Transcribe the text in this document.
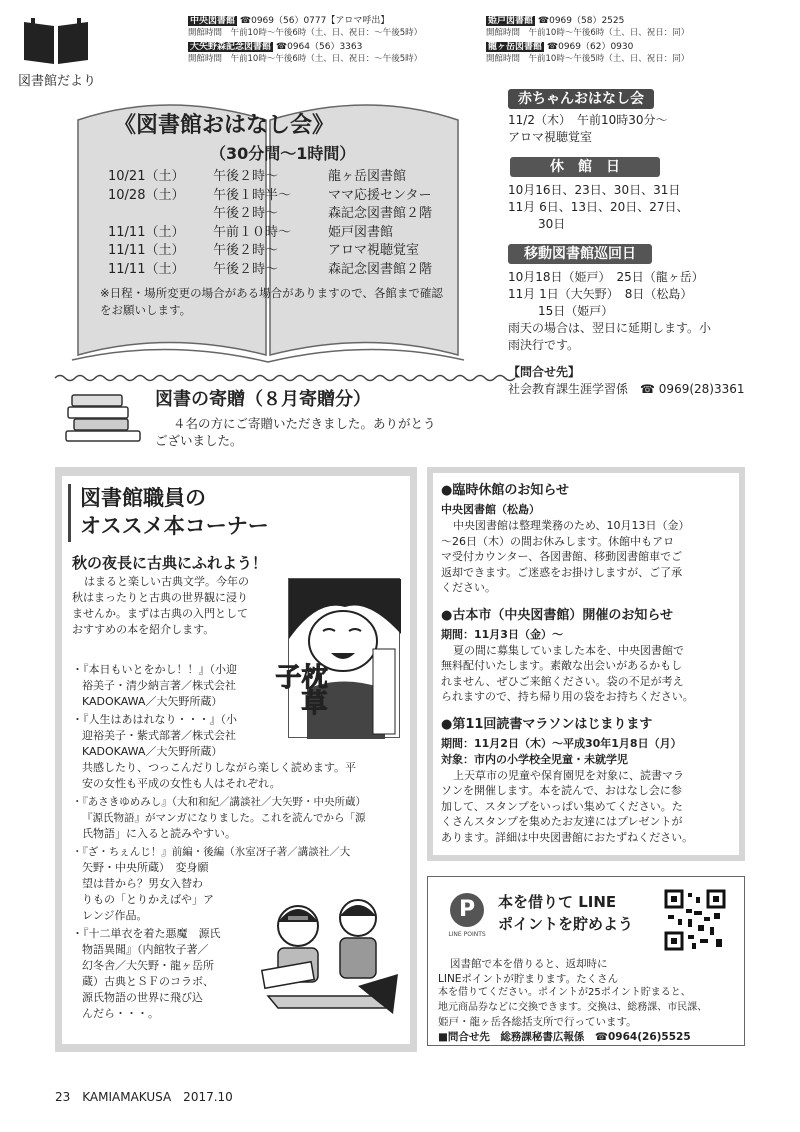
図書館だより
中央図書館 ☎0969（56）0777【アロマ呼出】
開館時間　午前10時～午後6時（土、日、祝日：～午後5時）
大矢野森記念図書館 ☎0964（56）3363
開館時間　午前10時～午後6時（土、日、祝日：～午後5時）
姫戸図書館 ☎0969（58）2525
開館時間　午前10時～午後6時（土、日、祝日：同）
龍ヶ岳図書館 ☎0969（62）0930
開館時間　午前10時～午後5時（土、日、祝日：同）
《図書館おはなし会》
（30分間～1時間）
10/21（土）	午後２時～	龍ヶ岳図書館
10/28（土）	午後１時半～	ママ応援センター
午後２時～	森記念図書館２階
11/11（土）	午前１０時～	姫戸図書館
11/11（土）	午後２時～	アロマ視聴覚室
11/11（土）	午後２時～	森記念図書館２階
※日程・場所変更の場合がある場合がありますので、各館まで確認をお願いします。
赤ちゃんおはなし会
11/2（木）　午前10時30分～
アロマ視聴覚室
休　館　日
10月16日、23日、30日、31日
11月 6日、13日、20日、27日、
30日
移動図書館巡回日
10月18日（姫戸）　25日（龍ヶ岳）
11月 1日（大矢野）　8日（松島）
15日（姫戸）
雨天の場合は、翌日に延期します。小
雨決行です。
【問合せ先】
社会教育課生涯学習係　 ☎ 0969(28)3361
図書の寄贈（８月寄贈分）
４名の方にご寄贈いただきました。ありがとう
ございました。
図書館職員の
オススメ本コーナー
秋の夜長に古典にふれよう！
はまると楽しい古典文学。今年の
秋はまったりと古典の世界観に浸り
ませんか。まずは古典の入門として
おすすめの本を紹介します。
枕草子
・『本日もいとをかし！！』（小迎
裕美子・清少納言著／株式会社
KADOKAWA／大矢野所蔵）
・『人生はあはれなり・・・』（小
迎裕美子・紫式部著／株式会社
KADOKAWA／大矢野所蔵）
共感したり、つっこんだりしながら楽しく読めます。平
安の女性も平成の女性も人はそれぞれ。
・『あさきゆめみし』（大和和紀／講談社／大矢野・中央所蔵）
『源氏物語』がマンガになりました。これを読んでから「源
氏物語」に入ると読みやすい。
・『ざ・ちぇんじ！』前編・後編（氷室冴子著／講談社／大
矢野・中央所蔵）　変身願
望は昔から？男女入替わ
りもの「とりかえばや」ア
レンジ作品。
・『十二単衣を着た悪魔　源氏
物語異聞』（内館牧子著／
幻冬舎／大矢野・龍ヶ岳所
蔵）古典とＳＦのコラボ、
源氏物語の世界に飛び込
んだら・・・。
●臨時休館のお知らせ
中央図書館（松島）
中央図書館は整理業務のため、10月13日（金）
～26日（木）の間お休みします。休館中もアロ
マ受付カウンター、各図書館、移動図書館車でご
返却できます。ご迷惑をお掛けしますが、ご了承
ください。
●古本市（中央図書館）開催のお知らせ
期間：11月3日（金）～
夏の間に募集していました本を、中央図書館で
無料配付いたします。素敵な出会いがあるかもし
れません、ぜひご来館ください。袋の不足が考え
られますので、持ち帰り用の袋をお持ちください。
●第11回読書マラソンはじまります
期間：11月2日（木）～平成30年1月8日（月）
対象：市内の小学校全児童・未就学児
上天草市の児童や保育園児を対象に、読書マラ
ソンを開催します。本を読んで、おはなし会に参
加して、スタンプをいっぱい集めてください。た
くさんスタンプを集めたお友達にはプレゼントが
あります。詳細は中央図書館におたずねください。
P
LINE POINTS
本を借りて LINE
ポイントを貯めよう
図書館で本を借りると、返却時に
LINEポイントが貯まります。たくさん
本を借りてください。ポイントが25ポイント貯まると、
地元商品券などに交換できます。交換は、総務課、市民課、
姫戸・龍ヶ岳各総括支所で行っています。
■問合せ先　総務課秘書広報係　☎0964(26)5525
23　KAMIAMAKUSA　2017.10
